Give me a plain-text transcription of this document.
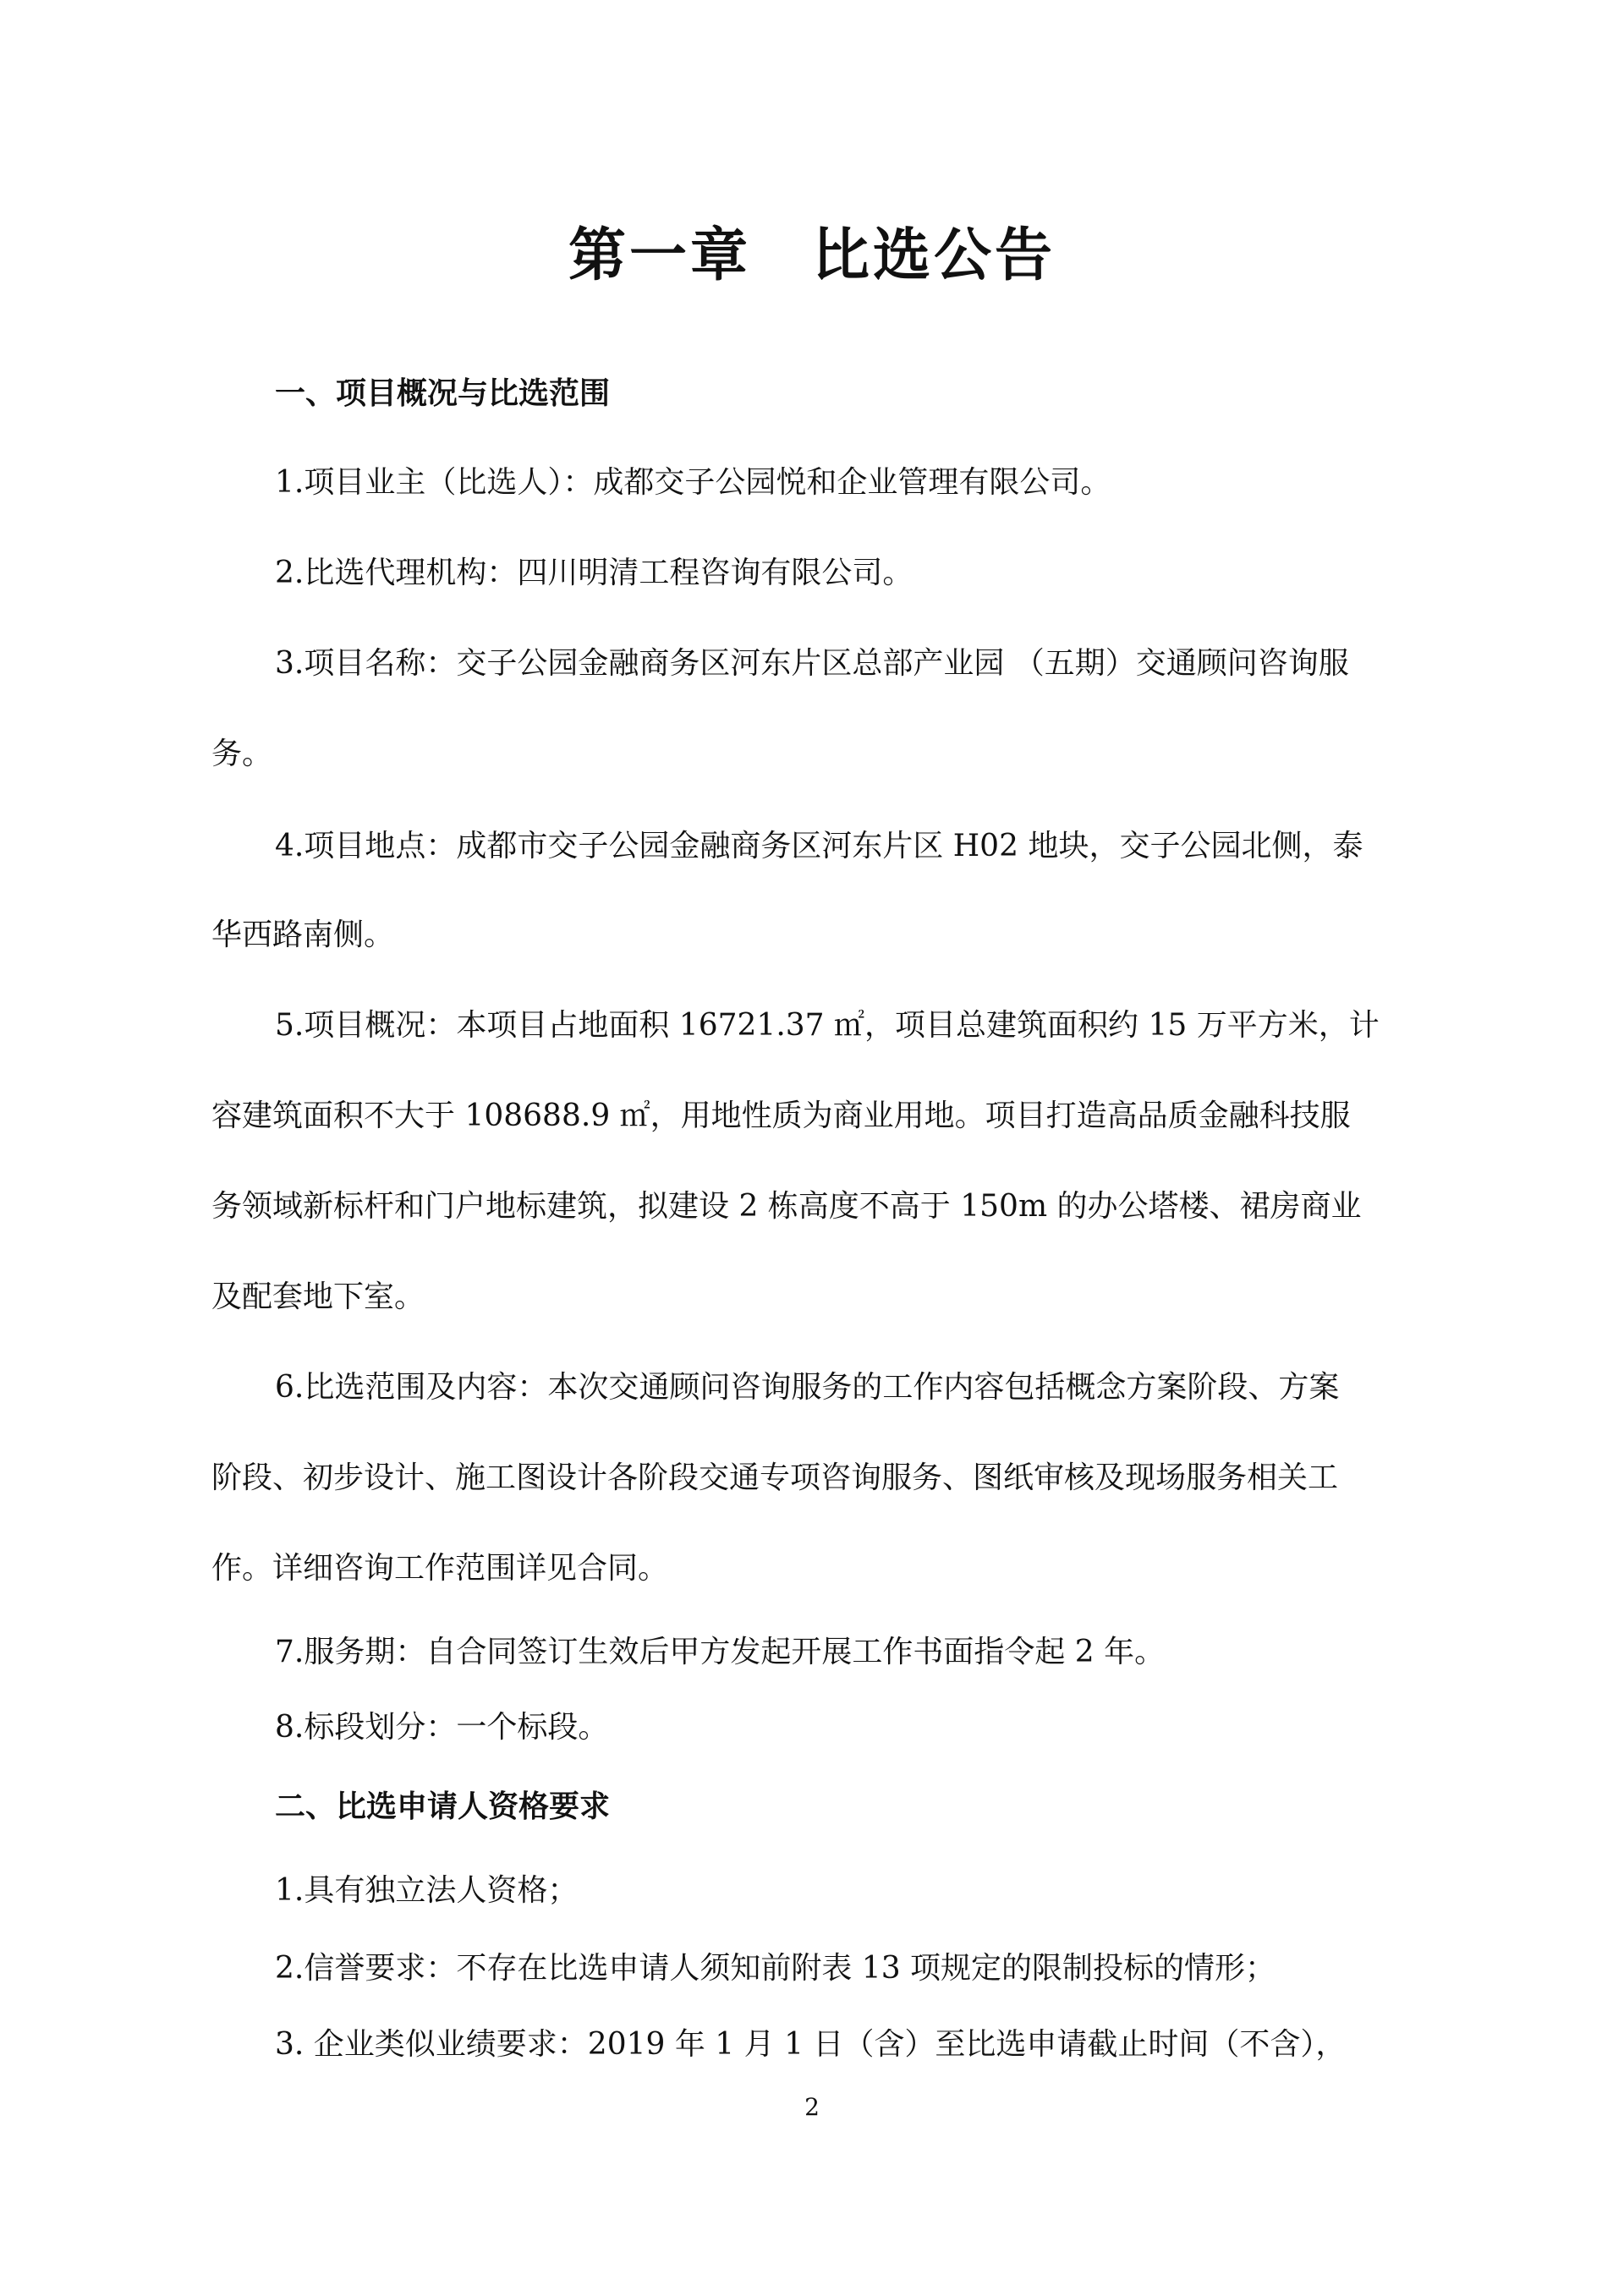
第一章　比选公告
一、项目概况与比选范围
1.项目业主（比选人）：成都交子公园悦和企业管理有限公司。
2.比选代理机构：四川明清工程咨询有限公司。
3.项目名称：交子公园金融商务区河东片区总部产业园 （五期）交通顾问咨询服
务。
4.项目地点：成都市交子公园金融商务区河东片区 H02 地块，交子公园北侧，泰
华西路南侧。
5.项目概况：本项目占地面积 16721.37 ㎡，项目总建筑面积约 15 万平方米，计
容建筑面积不大于 108688.9 ㎡，用地性质为商业用地。项目打造高品质金融科技服
务领域新标杆和门户地标建筑，拟建设 2 栋高度不高于 150m 的办公塔楼、裙房商业
及配套地下室。
6.比选范围及内容：本次交通顾问咨询服务的工作内容包括概念方案阶段、方案
阶段、初步设计、施工图设计各阶段交通专项咨询服务、图纸审核及现场服务相关工
作。详细咨询工作范围详见合同。
7.服务期：自合同签订生效后甲方发起开展工作书面指令起 2 年。
8.标段划分：一个标段。
二、比选申请人资格要求
1.具有独立法人资格；
2.信誉要求：不存在比选申请人须知前附表 13 项规定的限制投标的情形；
3. 企业类似业绩要求：2019 年 1 月 1 日（含）至比选申请截止时间（不含），
2
